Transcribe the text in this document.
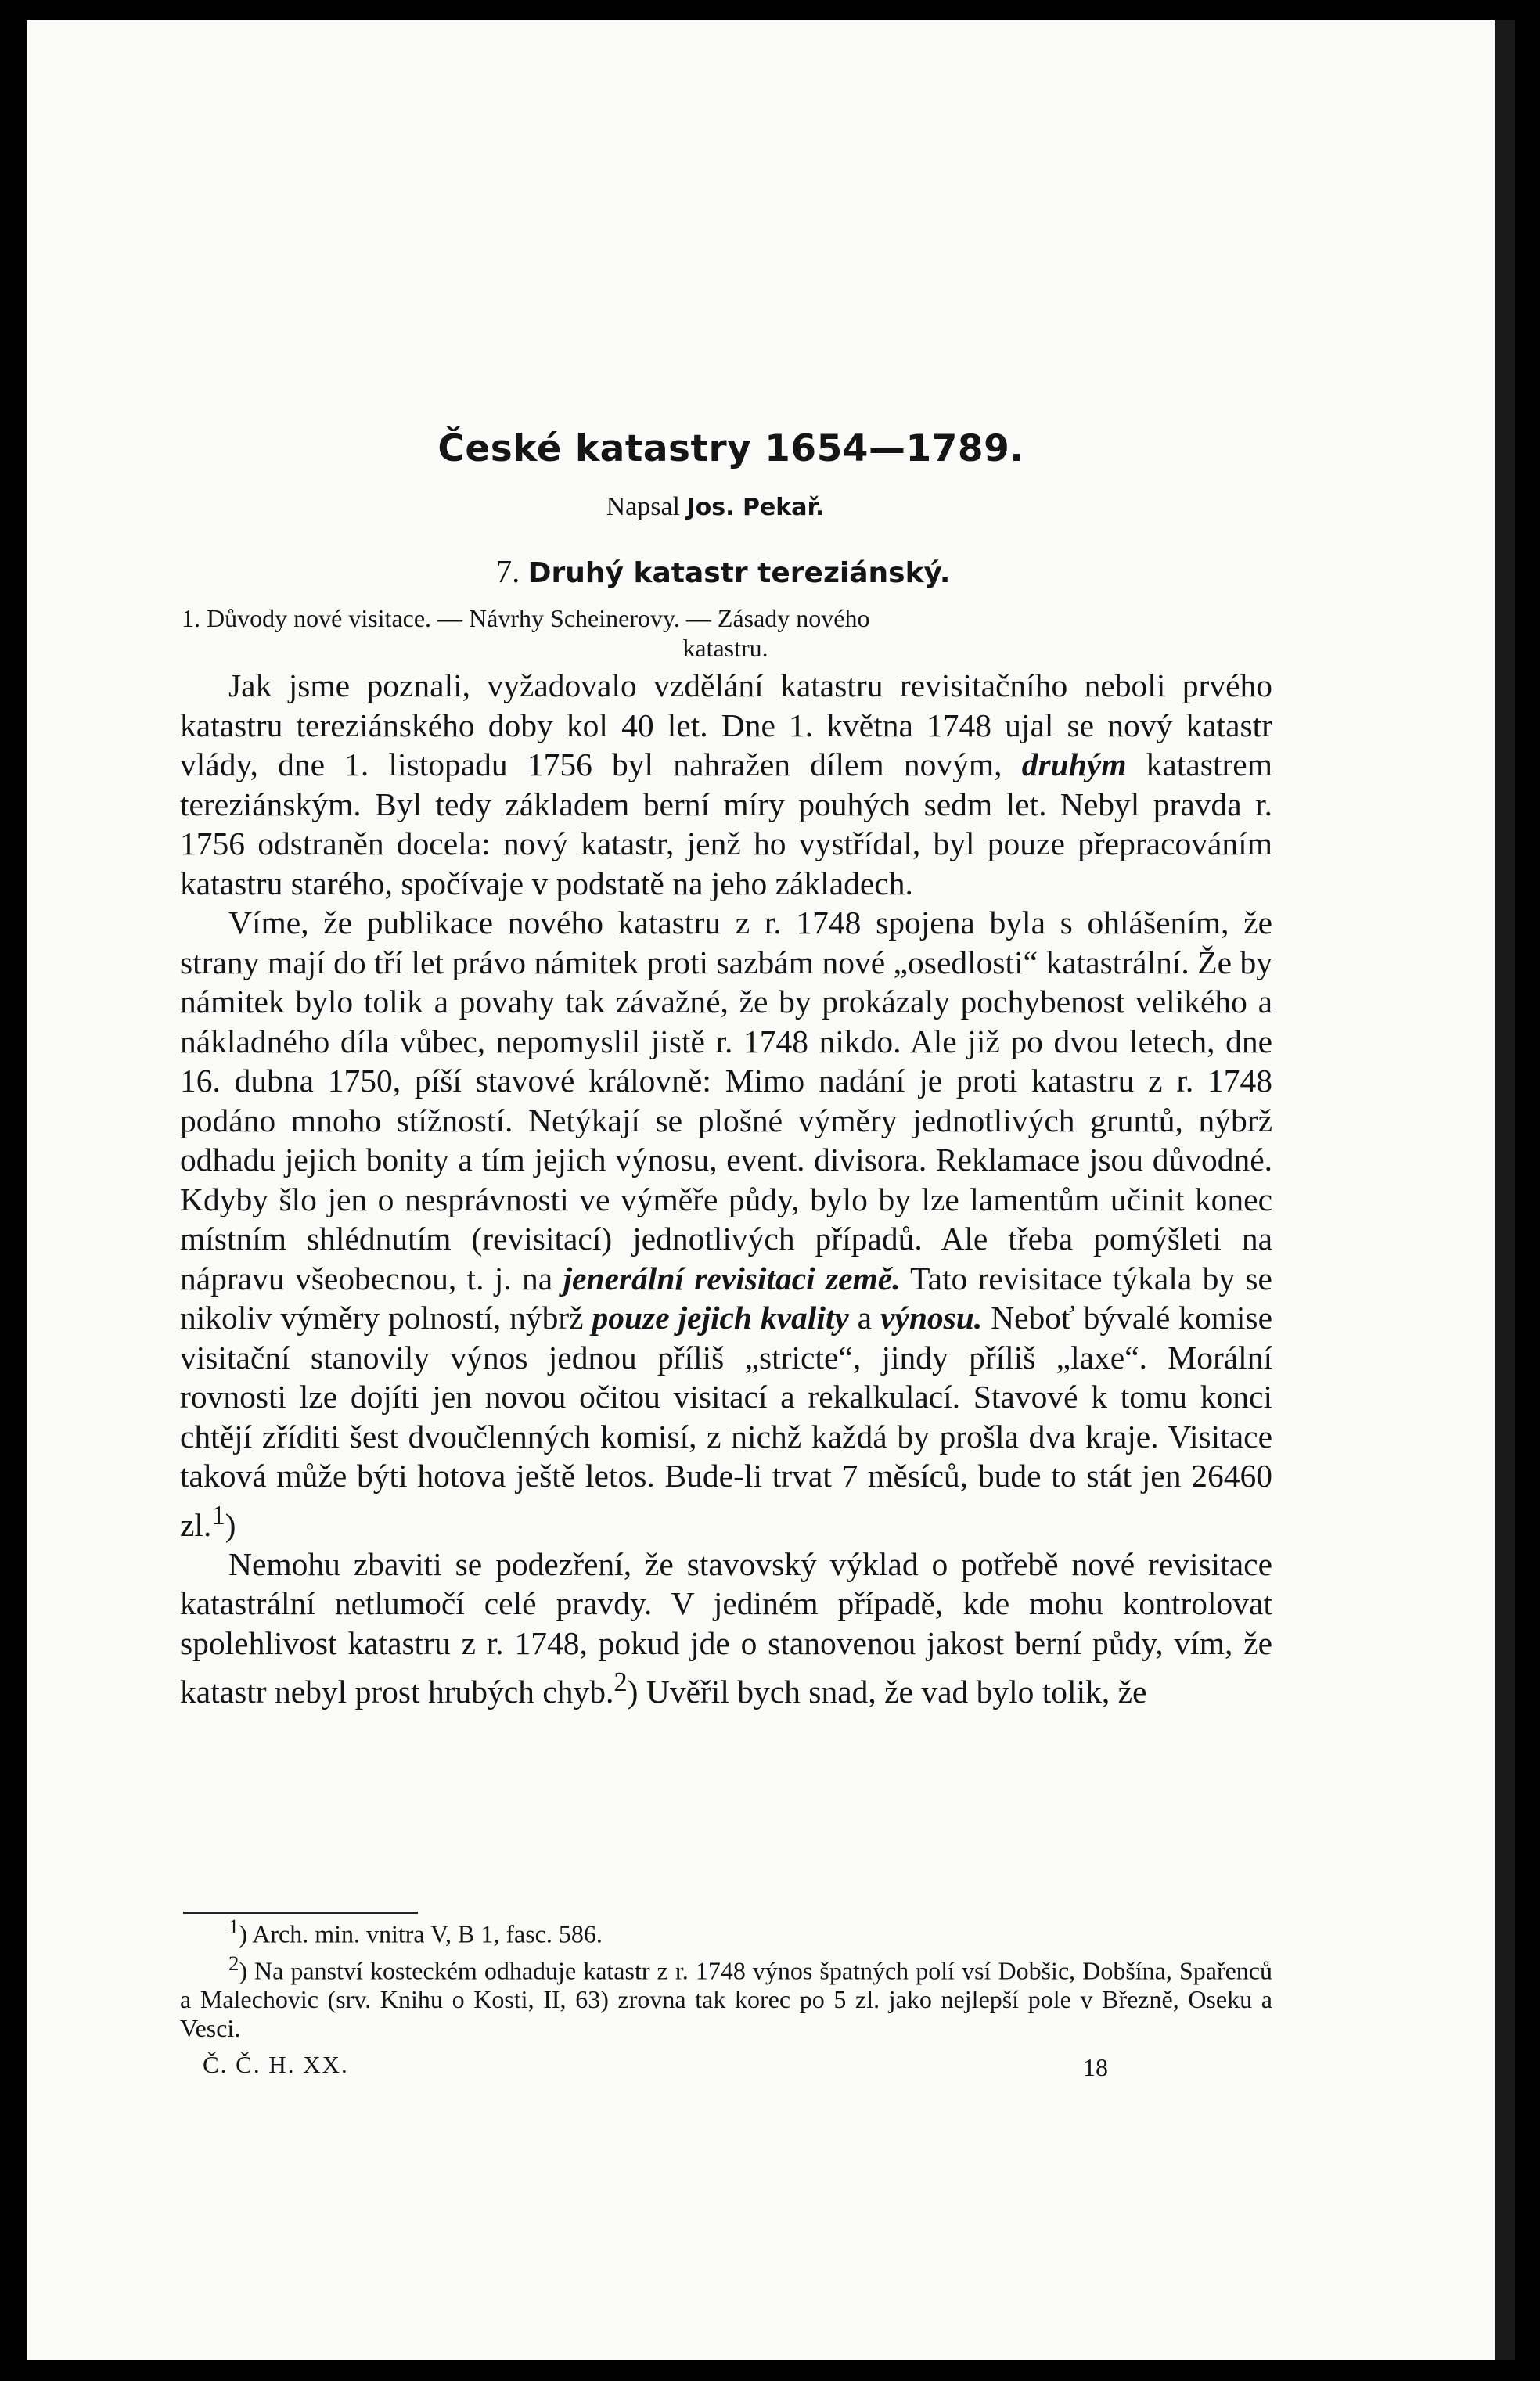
České katastry 1654—1789.
Napsal Jos. Pekař.
7. Druhý katastr tereziánský.
1. Důvody nové visitace. — Návrhy Scheinerovy. — Zásady nového
katastru.

Jak jsme poznali, vyžadovalo vzdělání katastru revisitačního neboli prvého katastru tereziánského doby kol 40 let. Dne 1. května 1748 ujal se nový katastr vlády, dne 1. listopadu 1756 byl nahražen dílem novým, druhým katastrem tereziánským. Byl tedy základem berní míry pouhých sedm let. Nebyl pravda r. 1756 odstraněn docela: nový katastr, jenž ho vystřídal, byl pouze přepracováním katastru starého, spočívaje v podstatě na jeho základech.

Víme, že publikace nového katastru z r. 1748 spojena byla s ohlášením, že strany mají do tří let právo námitek proti sazbám nové „osedlosti“ katastrální. Že by námitek bylo tolik a povahy tak závažné, že by prokázaly pochybenost velikého a nákladného díla vůbec, nepomyslil jistě r. 1748 nikdo. Ale již po dvou letech, dne 16. dubna 1750, píší stavové královně: Mimo nadání je proti katastru z r. 1748 podáno mnoho stížností. Netýkají se plošné výměry jednotlivých gruntů, nýbrž odhadu jejich bonity a tím jejich výnosu, event. divisora. Reklamace jsou důvodné. Kdyby šlo jen o nesprávnosti ve výměře půdy, bylo by lze lamentům učinit konec místním shlédnutím (revisitací) jednotlivých případů. Ale třeba pomýšleti na nápravu všeobecnou, t. j. na jenerální revisitaci země. Tato revisitace týkala by se nikoliv výměry polností, nýbrž pouze jejich kvality a výnosu. Neboť bývalé komise visitační stanovily výnos jednou příliš „stricte“, jindy příliš „laxe“. Morální rovnosti lze dojíti jen novou očitou visitací a rekalkulací. Stavové k tomu konci chtějí zříditi šest dvoučlenných komisí, z nichž každá by prošla dva kraje. Visitace taková může býti hotova ještě letos. Bude-li trvat 7 měsíců, bude to stát jen 26460 zl.$^1$)

Nemohu zbaviti se podezření, že stavovský výklad o potřebě nové revisitace katastrální netlumočí celé pravdy. V jediném případě, kde mohu kontrolovat spolehlivost katastru z r. 1748, pokud jde o stanovenou jakost berní půdy, vím, že katastr nebyl prost hrubých chyb.$^2$) Uvěřil bych snad, že vad bylo tolik, že

$^1$) Arch. min. vnitra V, B 1, fasc. 586.

$^2$) Na panství kosteckém odhaduje katastr z r. 1748 výnos špatných polí vsí Dobšic, Dobšína, Spařenců a Malechovic (srv. Knihu o Kosti, II, 63) zrovna tak korec po 5 zl. jako nejlepší pole v Březně, Oseku a Vesci.

Č. Č. H. XX.	18
